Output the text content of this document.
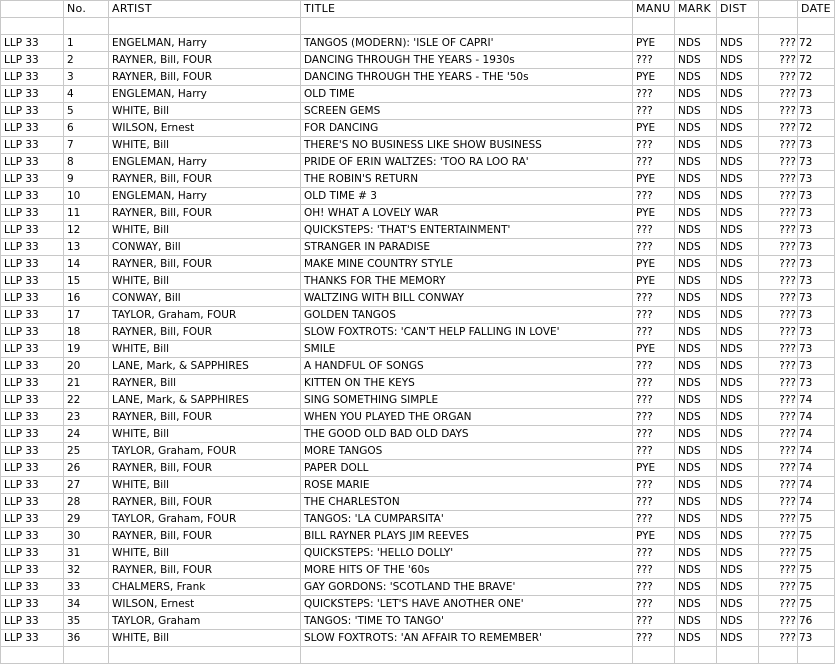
	No.	ARTIST	TITLE	MANU	MARK	DIST		DATE

LLP 33	1	ENGELMAN, Harry	TANGOS (MODERN): 'ISLE OF CAPRI'	PYE	NDS	NDS	???	72
LLP 33	2	RAYNER, Bill, FOUR	DANCING THROUGH THE YEARS - 1930s	???	NDS	NDS	???	72
LLP 33	3	RAYNER, Bill, FOUR	DANCING THROUGH THE YEARS - THE '50s	PYE	NDS	NDS	???	72
LLP 33	4	ENGLEMAN, Harry	OLD TIME	???	NDS	NDS	???	73
LLP 33	5	WHITE, Bill	SCREEN GEMS	???	NDS	NDS	???	73
LLP 33	6	WILSON, Ernest	FOR DANCING	PYE	NDS	NDS	???	72
LLP 33	7	WHITE, Bill	THERE'S NO BUSINESS LIKE SHOW BUSINESS	???	NDS	NDS	???	73
LLP 33	8	ENGLEMAN, Harry	PRIDE OF ERIN WALTZES: 'TOO RA LOO RA'	???	NDS	NDS	???	73
LLP 33	9	RAYNER, Bill, FOUR	THE ROBIN'S RETURN	PYE	NDS	NDS	???	73
LLP 33	10	ENGLEMAN, Harry	OLD TIME # 3	???	NDS	NDS	???	73
LLP 33	11	RAYNER, Bill, FOUR	OH! WHAT A LOVELY WAR	PYE	NDS	NDS	???	73
LLP 33	12	WHITE, Bill	QUICKSTEPS: 'THAT'S ENTERTAINMENT'	???	NDS	NDS	???	73
LLP 33	13	CONWAY, Bill	STRANGER IN PARADISE	???	NDS	NDS	???	73
LLP 33	14	RAYNER, Bill, FOUR	MAKE MINE COUNTRY STYLE	PYE	NDS	NDS	???	73
LLP 33	15	WHITE, Bill	THANKS FOR THE MEMORY	PYE	NDS	NDS	???	73
LLP 33	16	CONWAY, Bill	WALTZING WITH BILL CONWAY	???	NDS	NDS	???	73
LLP 33	17	TAYLOR, Graham, FOUR	GOLDEN TANGOS	???	NDS	NDS	???	73
LLP 33	18	RAYNER, Bill, FOUR	SLOW FOXTROTS: 'CAN'T HELP FALLING IN LOVE'	???	NDS	NDS	???	73
LLP 33	19	WHITE, Bill	SMILE	PYE	NDS	NDS	???	73
LLP 33	20	LANE, Mark, & SAPPHIRES	A HANDFUL OF SONGS	???	NDS	NDS	???	73
LLP 33	21	RAYNER, Bill	KITTEN ON THE KEYS	???	NDS	NDS	???	73
LLP 33	22	LANE, Mark, & SAPPHIRES	SING SOMETHING SIMPLE	???	NDS	NDS	???	74
LLP 33	23	RAYNER, Bill, FOUR	WHEN YOU PLAYED THE ORGAN	???	NDS	NDS	???	74
LLP 33	24	WHITE, Bill	THE GOOD OLD BAD OLD DAYS	???	NDS	NDS	???	74
LLP 33	25	TAYLOR, Graham, FOUR	MORE TANGOS	???	NDS	NDS	???	74
LLP 33	26	RAYNER, Bill, FOUR	PAPER DOLL	PYE	NDS	NDS	???	74
LLP 33	27	WHITE, Bill	ROSE MARIE	???	NDS	NDS	???	74
LLP 33	28	RAYNER, Bill, FOUR	THE CHARLESTON	???	NDS	NDS	???	74
LLP 33	29	TAYLOR, Graham, FOUR	TANGOS: 'LA CUMPARSITA'	???	NDS	NDS	???	75
LLP 33	30	RAYNER, Bill, FOUR	BILL RAYNER PLAYS JIM REEVES	PYE	NDS	NDS	???	75
LLP 33	31	WHITE, Bill	QUICKSTEPS: 'HELLO DOLLY'	???	NDS	NDS	???	75
LLP 33	32	RAYNER, Bill, FOUR	MORE HITS OF THE '60s	???	NDS	NDS	???	75
LLP 33	33	CHALMERS, Frank	GAY GORDONS: 'SCOTLAND THE BRAVE'	???	NDS	NDS	???	75
LLP 33	34	WILSON, Ernest	QUICKSTEPS: 'LET'S HAVE ANOTHER ONE'	???	NDS	NDS	???	75
LLP 33	35	TAYLOR, Graham	TANGOS: 'TIME TO TANGO'	???	NDS	NDS	???	76
LLP 33	36	WHITE, Bill	SLOW FOXTROTS: 'AN AFFAIR TO REMEMBER'	???	NDS	NDS	???	73
